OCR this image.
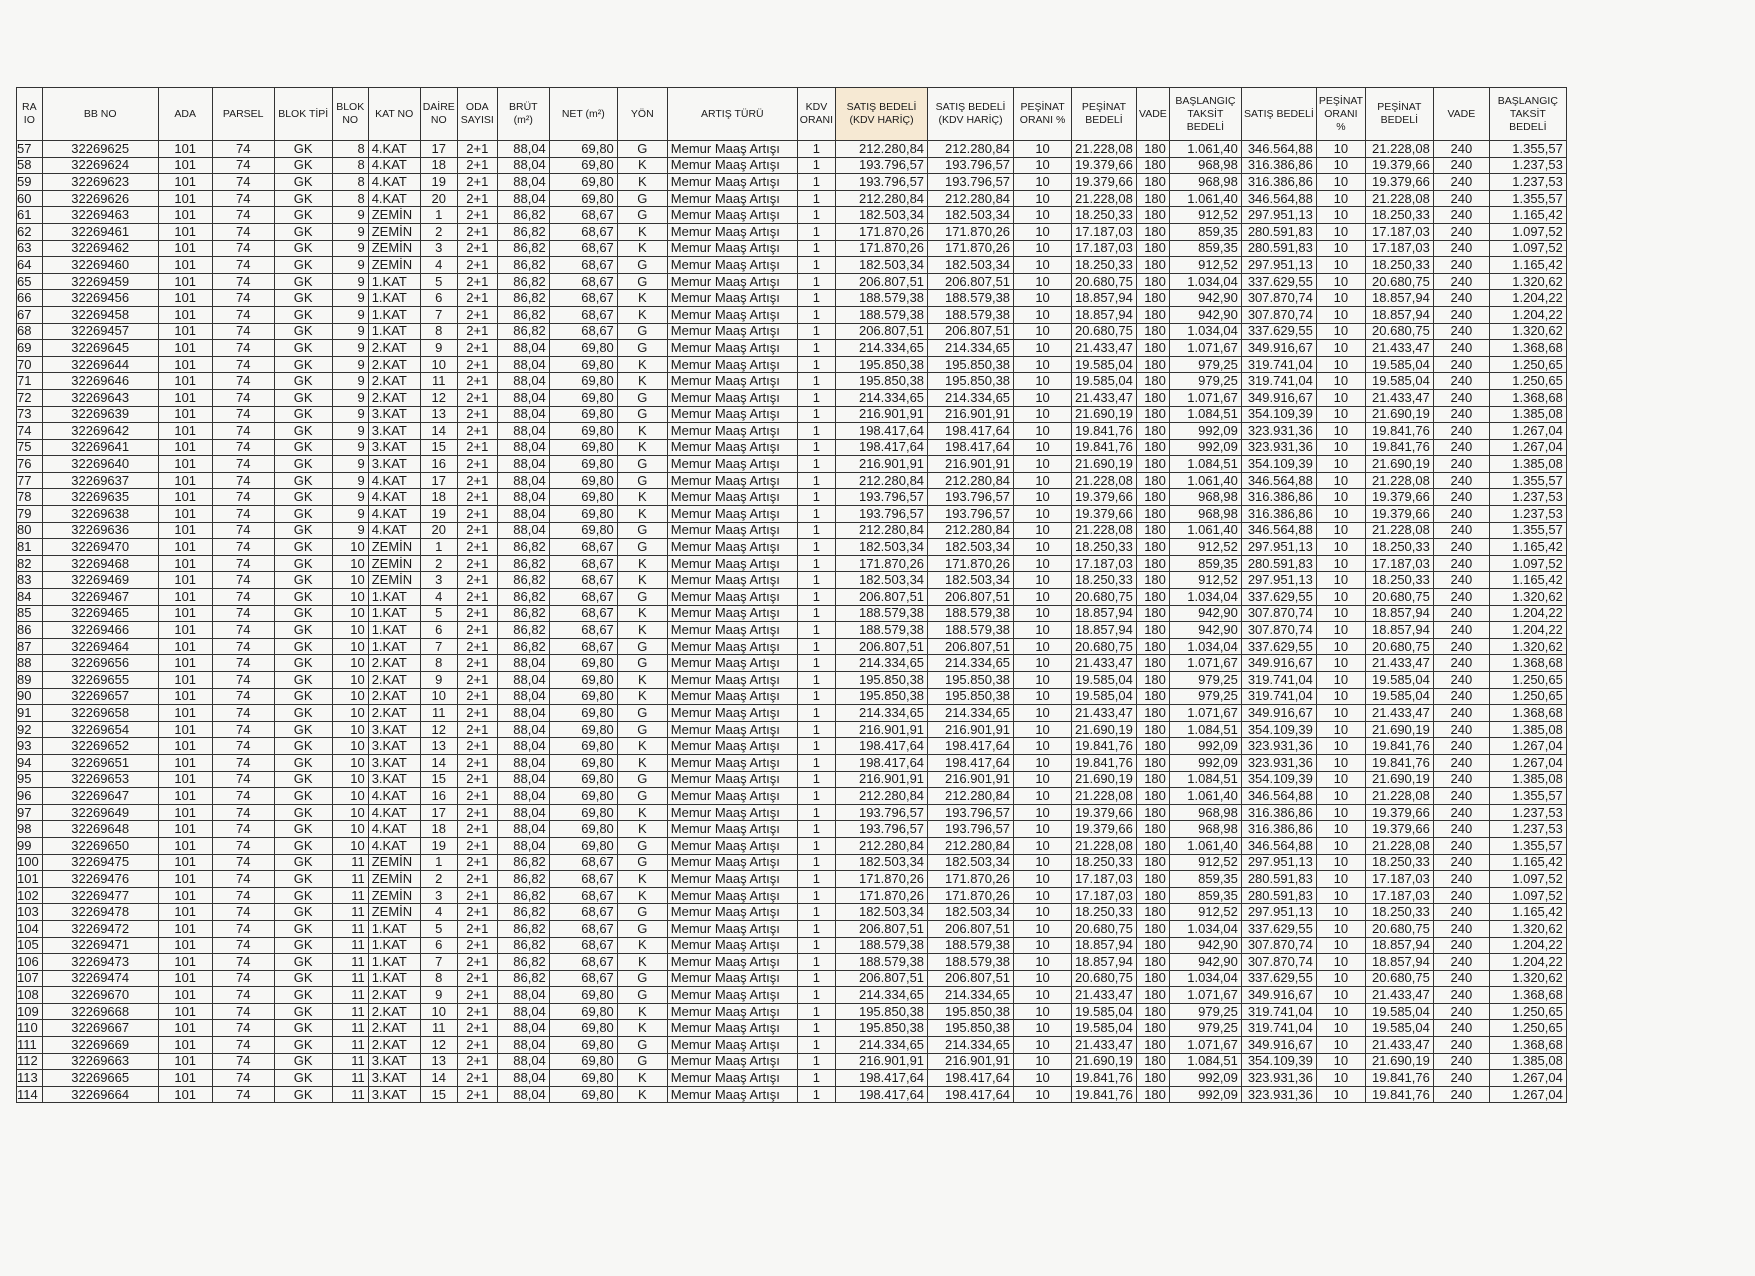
RA IO	BB NO	ADA	PARSEL	BLOK TİPİ	BLOK NO	KAT NO	DAİRE NO	ODA SAYISI	BRÜT (m²)	NET (m²)	YÖN	ARTIŞ TÜRÜ	KDV ORANI	SATIŞ BEDELİ (KDV HARİÇ)	SATIŞ BEDELİ (KDV HARİÇ)	PEŞİNAT ORANI %	PEŞİNAT BEDELİ	VADE	BAŞLANGIÇ TAKSİT BEDELİ	SATIŞ BEDELİ	PEŞİNAT ORANI %	PEŞİNAT BEDELİ	VADE	BAŞLANGIÇ TAKSİT BEDELİ
57	32269625	101	74	GK	8	4.KAT	17	2+1	88,04	69,80	G	Memur Maaş Artışı	1	212.280,84	212.280,84	10	21.228,08	180	1.061,40	346.564,88	10	21.228,08	240	1.355,57
58	32269624	101	74	GK	8	4.KAT	18	2+1	88,04	69,80	K	Memur Maaş Artışı	1	193.796,57	193.796,57	10	19.379,66	180	968,98	316.386,86	10	19.379,66	240	1.237,53
59	32269623	101	74	GK	8	4.KAT	19	2+1	88,04	69,80	K	Memur Maaş Artışı	1	193.796,57	193.796,57	10	19.379,66	180	968,98	316.386,86	10	19.379,66	240	1.237,53
60	32269626	101	74	GK	8	4.KAT	20	2+1	88,04	69,80	G	Memur Maaş Artışı	1	212.280,84	212.280,84	10	21.228,08	180	1.061,40	346.564,88	10	21.228,08	240	1.355,57
61	32269463	101	74	GK	9	ZEMİN	1	2+1	86,82	68,67	G	Memur Maaş Artışı	1	182.503,34	182.503,34	10	18.250,33	180	912,52	297.951,13	10	18.250,33	240	1.165,42
62	32269461	101	74	GK	9	ZEMİN	2	2+1	86,82	68,67	K	Memur Maaş Artışı	1	171.870,26	171.870,26	10	17.187,03	180	859,35	280.591,83	10	17.187,03	240	1.097,52
63	32269462	101	74	GK	9	ZEMİN	3	2+1	86,82	68,67	K	Memur Maaş Artışı	1	171.870,26	171.870,26	10	17.187,03	180	859,35	280.591,83	10	17.187,03	240	1.097,52
64	32269460	101	74	GK	9	ZEMİN	4	2+1	86,82	68,67	G	Memur Maaş Artışı	1	182.503,34	182.503,34	10	18.250,33	180	912,52	297.951,13	10	18.250,33	240	1.165,42
65	32269459	101	74	GK	9	1.KAT	5	2+1	86,82	68,67	G	Memur Maaş Artışı	1	206.807,51	206.807,51	10	20.680,75	180	1.034,04	337.629,55	10	20.680,75	240	1.320,62
66	32269456	101	74	GK	9	1.KAT	6	2+1	86,82	68,67	K	Memur Maaş Artışı	1	188.579,38	188.579,38	10	18.857,94	180	942,90	307.870,74	10	18.857,94	240	1.204,22
67	32269458	101	74	GK	9	1.KAT	7	2+1	86,82	68,67	K	Memur Maaş Artışı	1	188.579,38	188.579,38	10	18.857,94	180	942,90	307.870,74	10	18.857,94	240	1.204,22
68	32269457	101	74	GK	9	1.KAT	8	2+1	86,82	68,67	G	Memur Maaş Artışı	1	206.807,51	206.807,51	10	20.680,75	180	1.034,04	337.629,55	10	20.680,75	240	1.320,62
69	32269645	101	74	GK	9	2.KAT	9	2+1	88,04	69,80	G	Memur Maaş Artışı	1	214.334,65	214.334,65	10	21.433,47	180	1.071,67	349.916,67	10	21.433,47	240	1.368,68
70	32269644	101	74	GK	9	2.KAT	10	2+1	88,04	69,80	K	Memur Maaş Artışı	1	195.850,38	195.850,38	10	19.585,04	180	979,25	319.741,04	10	19.585,04	240	1.250,65
71	32269646	101	74	GK	9	2.KAT	11	2+1	88,04	69,80	K	Memur Maaş Artışı	1	195.850,38	195.850,38	10	19.585,04	180	979,25	319.741,04	10	19.585,04	240	1.250,65
72	32269643	101	74	GK	9	2.KAT	12	2+1	88,04	69,80	G	Memur Maaş Artışı	1	214.334,65	214.334,65	10	21.433,47	180	1.071,67	349.916,67	10	21.433,47	240	1.368,68
73	32269639	101	74	GK	9	3.KAT	13	2+1	88,04	69,80	G	Memur Maaş Artışı	1	216.901,91	216.901,91	10	21.690,19	180	1.084,51	354.109,39	10	21.690,19	240	1.385,08
74	32269642	101	74	GK	9	3.KAT	14	2+1	88,04	69,80	K	Memur Maaş Artışı	1	198.417,64	198.417,64	10	19.841,76	180	992,09	323.931,36	10	19.841,76	240	1.267,04
75	32269641	101	74	GK	9	3.KAT	15	2+1	88,04	69,80	K	Memur Maaş Artışı	1	198.417,64	198.417,64	10	19.841,76	180	992,09	323.931,36	10	19.841,76	240	1.267,04
76	32269640	101	74	GK	9	3.KAT	16	2+1	88,04	69,80	G	Memur Maaş Artışı	1	216.901,91	216.901,91	10	21.690,19	180	1.084,51	354.109,39	10	21.690,19	240	1.385,08
77	32269637	101	74	GK	9	4.KAT	17	2+1	88,04	69,80	G	Memur Maaş Artışı	1	212.280,84	212.280,84	10	21.228,08	180	1.061,40	346.564,88	10	21.228,08	240	1.355,57
78	32269635	101	74	GK	9	4.KAT	18	2+1	88,04	69,80	K	Memur Maaş Artışı	1	193.796,57	193.796,57	10	19.379,66	180	968,98	316.386,86	10	19.379,66	240	1.237,53
79	32269638	101	74	GK	9	4.KAT	19	2+1	88,04	69,80	K	Memur Maaş Artışı	1	193.796,57	193.796,57	10	19.379,66	180	968,98	316.386,86	10	19.379,66	240	1.237,53
80	32269636	101	74	GK	9	4.KAT	20	2+1	88,04	69,80	G	Memur Maaş Artışı	1	212.280,84	212.280,84	10	21.228,08	180	1.061,40	346.564,88	10	21.228,08	240	1.355,57
81	32269470	101	74	GK	10	ZEMİN	1	2+1	86,82	68,67	G	Memur Maaş Artışı	1	182.503,34	182.503,34	10	18.250,33	180	912,52	297.951,13	10	18.250,33	240	1.165,42
82	32269468	101	74	GK	10	ZEMİN	2	2+1	86,82	68,67	K	Memur Maaş Artışı	1	171.870,26	171.870,26	10	17.187,03	180	859,35	280.591,83	10	17.187,03	240	1.097,52
83	32269469	101	74	GK	10	ZEMİN	3	2+1	86,82	68,67	K	Memur Maaş Artışı	1	182.503,34	182.503,34	10	18.250,33	180	912,52	297.951,13	10	18.250,33	240	1.165,42
84	32269467	101	74	GK	10	1.KAT	4	2+1	86,82	68,67	G	Memur Maaş Artışı	1	206.807,51	206.807,51	10	20.680,75	180	1.034,04	337.629,55	10	20.680,75	240	1.320,62
85	32269465	101	74	GK	10	1.KAT	5	2+1	86,82	68,67	K	Memur Maaş Artışı	1	188.579,38	188.579,38	10	18.857,94	180	942,90	307.870,74	10	18.857,94	240	1.204,22
86	32269466	101	74	GK	10	1.KAT	6	2+1	86,82	68,67	K	Memur Maaş Artışı	1	188.579,38	188.579,38	10	18.857,94	180	942,90	307.870,74	10	18.857,94	240	1.204,22
87	32269464	101	74	GK	10	1.KAT	7	2+1	86,82	68,67	G	Memur Maaş Artışı	1	206.807,51	206.807,51	10	20.680,75	180	1.034,04	337.629,55	10	20.680,75	240	1.320,62
88	32269656	101	74	GK	10	2.KAT	8	2+1	88,04	69,80	G	Memur Maaş Artışı	1	214.334,65	214.334,65	10	21.433,47	180	1.071,67	349.916,67	10	21.433,47	240	1.368,68
89	32269655	101	74	GK	10	2.KAT	9	2+1	88,04	69,80	K	Memur Maaş Artışı	1	195.850,38	195.850,38	10	19.585,04	180	979,25	319.741,04	10	19.585,04	240	1.250,65
90	32269657	101	74	GK	10	2.KAT	10	2+1	88,04	69,80	K	Memur Maaş Artışı	1	195.850,38	195.850,38	10	19.585,04	180	979,25	319.741,04	10	19.585,04	240	1.250,65
91	32269658	101	74	GK	10	2.KAT	11	2+1	88,04	69,80	G	Memur Maaş Artışı	1	214.334,65	214.334,65	10	21.433,47	180	1.071,67	349.916,67	10	21.433,47	240	1.368,68
92	32269654	101	74	GK	10	3.KAT	12	2+1	88,04	69,80	G	Memur Maaş Artışı	1	216.901,91	216.901,91	10	21.690,19	180	1.084,51	354.109,39	10	21.690,19	240	1.385,08
93	32269652	101	74	GK	10	3.KAT	13	2+1	88,04	69,80	K	Memur Maaş Artışı	1	198.417,64	198.417,64	10	19.841,76	180	992,09	323.931,36	10	19.841,76	240	1.267,04
94	32269651	101	74	GK	10	3.KAT	14	2+1	88,04	69,80	K	Memur Maaş Artışı	1	198.417,64	198.417,64	10	19.841,76	180	992,09	323.931,36	10	19.841,76	240	1.267,04
95	32269653	101	74	GK	10	3.KAT	15	2+1	88,04	69,80	G	Memur Maaş Artışı	1	216.901,91	216.901,91	10	21.690,19	180	1.084,51	354.109,39	10	21.690,19	240	1.385,08
96	32269647	101	74	GK	10	4.KAT	16	2+1	88,04	69,80	G	Memur Maaş Artışı	1	212.280,84	212.280,84	10	21.228,08	180	1.061,40	346.564,88	10	21.228,08	240	1.355,57
97	32269649	101	74	GK	10	4.KAT	17	2+1	88,04	69,80	K	Memur Maaş Artışı	1	193.796,57	193.796,57	10	19.379,66	180	968,98	316.386,86	10	19.379,66	240	1.237,53
98	32269648	101	74	GK	10	4.KAT	18	2+1	88,04	69,80	K	Memur Maaş Artışı	1	193.796,57	193.796,57	10	19.379,66	180	968,98	316.386,86	10	19.379,66	240	1.237,53
99	32269650	101	74	GK	10	4.KAT	19	2+1	88,04	69,80	G	Memur Maaş Artışı	1	212.280,84	212.280,84	10	21.228,08	180	1.061,40	346.564,88	10	21.228,08	240	1.355,57
100	32269475	101	74	GK	11	ZEMİN	1	2+1	86,82	68,67	G	Memur Maaş Artışı	1	182.503,34	182.503,34	10	18.250,33	180	912,52	297.951,13	10	18.250,33	240	1.165,42
101	32269476	101	74	GK	11	ZEMİN	2	2+1	86,82	68,67	K	Memur Maaş Artışı	1	171.870,26	171.870,26	10	17.187,03	180	859,35	280.591,83	10	17.187,03	240	1.097,52
102	32269477	101	74	GK	11	ZEMİN	3	2+1	86,82	68,67	K	Memur Maaş Artışı	1	171.870,26	171.870,26	10	17.187,03	180	859,35	280.591,83	10	17.187,03	240	1.097,52
103	32269478	101	74	GK	11	ZEMİN	4	2+1	86,82	68,67	G	Memur Maaş Artışı	1	182.503,34	182.503,34	10	18.250,33	180	912,52	297.951,13	10	18.250,33	240	1.165,42
104	32269472	101	74	GK	11	1.KAT	5	2+1	86,82	68,67	G	Memur Maaş Artışı	1	206.807,51	206.807,51	10	20.680,75	180	1.034,04	337.629,55	10	20.680,75	240	1.320,62
105	32269471	101	74	GK	11	1.KAT	6	2+1	86,82	68,67	K	Memur Maaş Artışı	1	188.579,38	188.579,38	10	18.857,94	180	942,90	307.870,74	10	18.857,94	240	1.204,22
106	32269473	101	74	GK	11	1.KAT	7	2+1	86,82	68,67	K	Memur Maaş Artışı	1	188.579,38	188.579,38	10	18.857,94	180	942,90	307.870,74	10	18.857,94	240	1.204,22
107	32269474	101	74	GK	11	1.KAT	8	2+1	86,82	68,67	G	Memur Maaş Artışı	1	206.807,51	206.807,51	10	20.680,75	180	1.034,04	337.629,55	10	20.680,75	240	1.320,62
108	32269670	101	74	GK	11	2.KAT	9	2+1	88,04	69,80	G	Memur Maaş Artışı	1	214.334,65	214.334,65	10	21.433,47	180	1.071,67	349.916,67	10	21.433,47	240	1.368,68
109	32269668	101	74	GK	11	2.KAT	10	2+1	88,04	69,80	K	Memur Maaş Artışı	1	195.850,38	195.850,38	10	19.585,04	180	979,25	319.741,04	10	19.585,04	240	1.250,65
110	32269667	101	74	GK	11	2.KAT	11	2+1	88,04	69,80	K	Memur Maaş Artışı	1	195.850,38	195.850,38	10	19.585,04	180	979,25	319.741,04	10	19.585,04	240	1.250,65
111	32269669	101	74	GK	11	2.KAT	12	2+1	88,04	69,80	G	Memur Maaş Artışı	1	214.334,65	214.334,65	10	21.433,47	180	1.071,67	349.916,67	10	21.433,47	240	1.368,68
112	32269663	101	74	GK	11	3.KAT	13	2+1	88,04	69,80	G	Memur Maaş Artışı	1	216.901,91	216.901,91	10	21.690,19	180	1.084,51	354.109,39	10	21.690,19	240	1.385,08
113	32269665	101	74	GK	11	3.KAT	14	2+1	88,04	69,80	K	Memur Maaş Artışı	1	198.417,64	198.417,64	10	19.841,76	180	992,09	323.931,36	10	19.841,76	240	1.267,04
114	32269664	101	74	GK	11	3.KAT	15	2+1	88,04	69,80	K	Memur Maaş Artışı	1	198.417,64	198.417,64	10	19.841,76	180	992,09	323.931,36	10	19.841,76	240	1.267,04
